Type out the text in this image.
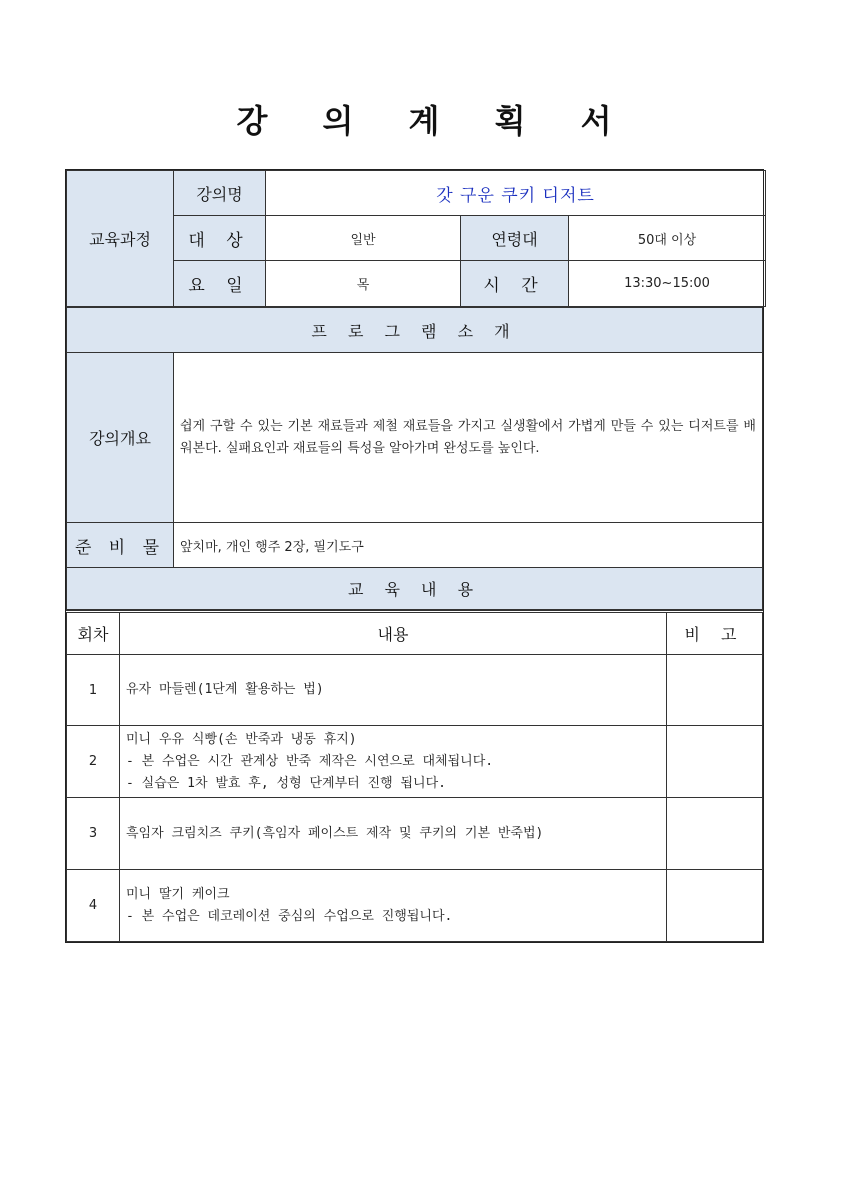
강 의 계 획 서
교육과정	강의명	갓 구운 쿠키 디저트		
	대 상	일반	연령대	50대 이상
	요 일	목	시 간	13:30~15:00
프 로 그 램 소 개	
강의개요	쉽게 구할 수 있는 기본 재료들과 제철 재료들을 가지고 실생활에서 가볍게 만들 수 있는 디저트를 배워본다. 실패요인과 재료들의 특성을 알아가며 완성도를 높인다.
준 비 물	앞치마, 개인 행주 2장, 필기도구
교 육 내 용	
회차	내용	비 고
1	유자 마들렌(1단계 활용하는 법)	

2	미니 우유 식빵(손 반죽과 냉동 휴지)
- 본 수업은 시간 관계상 반죽 제작은 시연으로 대체됩니다.
- 실습은 1차 발효 후, 성형 단계부터 진행 됩니다.	

3	흑임자 크림치즈 쿠키(흑임자 페이스트 제작 및 쿠키의 기본 반죽법)	

4	미니 딸기 케이크
- 본 수업은 데코레이션 중심의 수업으로 진행됩니다.	
